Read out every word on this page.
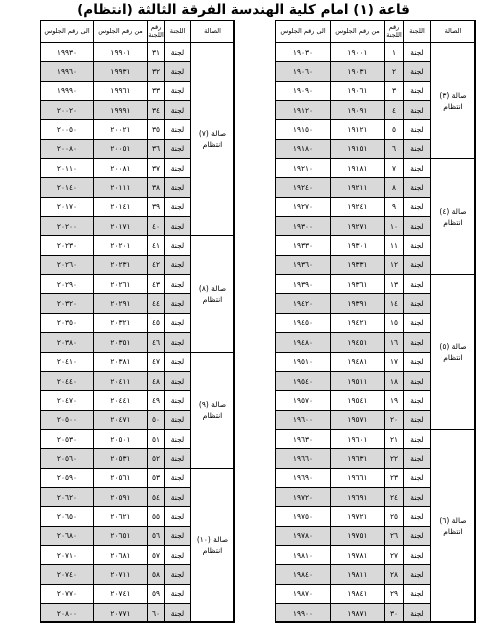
قاعة (١) امام كلية الهندسة الفرقة الثالثة (انتظام)
الصالة	اللجنة	رقم اللجنة	من رقم الجلوس	الى رقم الجلوس
صالة (٣) انتظام	لجنة	١	١٩٠٠١	١٩٠٣٠
	لجنة	٢	١٩٠٣١	١٩٠٦٠
	لجنة	٣	١٩٠٦١	١٩٠٩٠
	لجنة	٤	١٩٠٩١	١٩١٢٠
	لجنة	٥	١٩١٢١	١٩١٥٠
	لجنة	٦	١٩١٥١	١٩١٨٠
صالة (٤) انتظام	لجنة	٧	١٩١٨١	١٩٢١٠
	لجنة	٨	١٩٢١١	١٩٢٤٠
	لجنة	٩	١٩٢٤١	١٩٢٧٠
	لجنة	١٠	١٩٢٧١	١٩٣٠٠
	لجنة	١١	١٩٣٠١	١٩٣٣٠
	لجنة	١٢	١٩٣٣١	١٩٣٦٠
صالة (٥) انتظام	لجنة	١٣	١٩٣٦١	١٩٣٩٠
	لجنة	١٤	١٩٣٩١	١٩٤٢٠
	لجنة	١٥	١٩٤٢١	١٩٤٥٠
	لجنة	١٦	١٩٤٥١	١٩٤٨٠
	لجنة	١٧	١٩٤٨١	١٩٥١٠
	لجنة	١٨	١٩٥١١	١٩٥٤٠
	لجنة	١٩	١٩٥٤١	١٩٥٧٠
	لجنة	٢٠	١٩٥٧١	١٩٦٠٠
صالة (٦) انتظام	لجنة	٢١	١٩٦٠١	١٩٦٣٠
	لجنة	٢٢	١٩٦٣١	١٩٦٦٠
	لجنة	٢٣	١٩٦٦١	١٩٦٩٠
	لجنة	٢٤	١٩٦٩١	١٩٧٢٠
	لجنة	٢٥	١٩٧٢١	١٩٧٥٠
	لجنة	٢٦	١٩٧٥١	١٩٧٨٠
	لجنة	٢٧	١٩٧٨١	١٩٨١٠
	لجنة	٢٨	١٩٨١١	١٩٨٤٠
	لجنة	٢٩	١٩٨٤١	١٩٨٧٠
	لجنة	٣٠	١٩٨٧١	١٩٩٠٠
الصالة	اللجنة	رقم اللجنة	من رقم الجلوس	الى رقم الجلوس
صالة (٧) انتظام	لجنة	٣١	١٩٩٠١	١٩٩٣٠
	لجنة	٣٢	١٩٩٣١	١٩٩٦٠
	لجنة	٣٣	١٩٩٦١	١٩٩٩٠
	لجنة	٣٤	١٩٩٩١	٢٠٠٢٠
	لجنة	٣٥	٢٠٠٢١	٢٠٠٥٠
	لجنة	٣٦	٢٠٠٥١	٢٠٠٨٠
	لجنة	٣٧	٢٠٠٨١	٢٠١١٠
	لجنة	٣٨	٢٠١١١	٢٠١٤٠
	لجنة	٣٩	٢٠١٤١	٢٠١٧٠
	لجنة	٤٠	٢٠١٧١	٢٠٢٠٠
صالة (٨) انتظام	لجنة	٤١	٢٠٢٠١	٢٠٢٣٠
	لجنة	٤٢	٢٠٢٣١	٢٠٢٦٠
	لجنة	٤٣	٢٠٢٦١	٢٠٢٩٠
	لجنة	٤٤	٢٠٢٩١	٢٠٣٢٠
	لجنة	٤٥	٢٠٣٢١	٢٠٣٥٠
	لجنة	٤٦	٢٠٣٥١	٢٠٣٨٠
صالة (٩) انتظام	لجنة	٤٧	٢٠٣٨١	٢٠٤١٠
	لجنة	٤٨	٢٠٤١١	٢٠٤٤٠
	لجنة	٤٩	٢٠٤٤١	٢٠٤٧٠
	لجنة	٥٠	٢٠٤٧١	٢٠٥٠٠
	لجنة	٥١	٢٠٥٠١	٢٠٥٣٠
	لجنة	٥٢	٢٠٥٣١	٢٠٥٦٠
صالة (١٠) انتظام	لجنة	٥٣	٢٠٥٦١	٢٠٥٩٠
	لجنة	٥٤	٢٠٥٩١	٢٠٦٢٠
	لجنة	٥٥	٢٠٦٢١	٢٠٦٥٠
	لجنة	٥٦	٢٠٦٥١	٢٠٦٨٠
	لجنة	٥٧	٢٠٦٨١	٢٠٧١٠
	لجنة	٥٨	٢٠٧١١	٢٠٧٤٠
	لجنة	٥٩	٢٠٧٤١	٢٠٧٧٠
	لجنة	٦٠	٢٠٧٧١	٢٠٨٠٠
